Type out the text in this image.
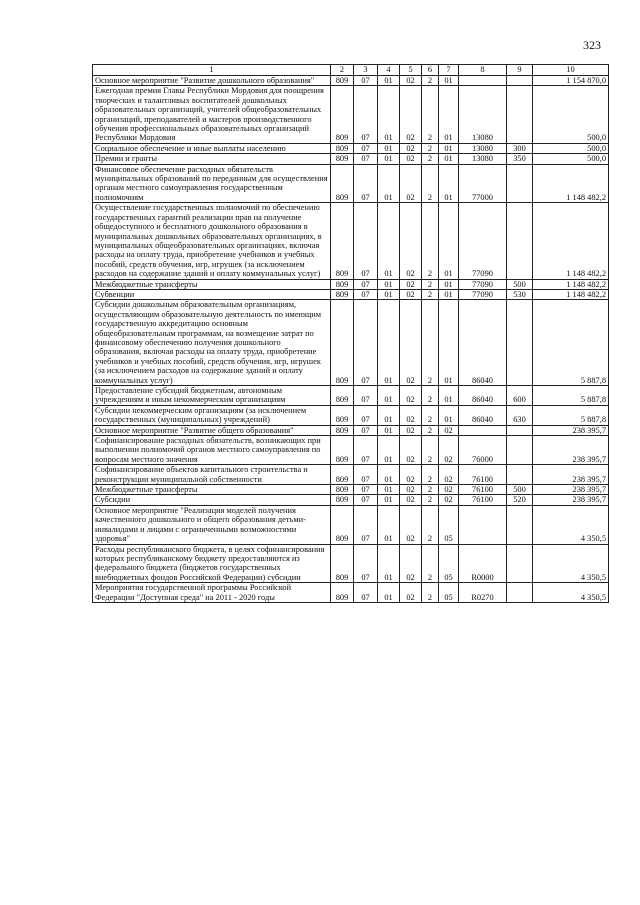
323
1	2	3	4	5	6	7	8	9	10
Основное мероприятие "Развитие дошкольного образования"	809	07	01	02	2	01			1 154 870,0
Ежегодная премия Главы Республики Мордовия для поощрения творческих и талантливых воспитателей дошкольных образовательных организаций, учителей общеобразовательных организаций, преподавателей и мастеров производственного обучения профессиональных образовательных организаций Республики Мордовия	809	07	01	02	2	01	13080		500,0
Социальное обеспечение и иные выплаты населению	809	07	01	02	2	01	13080	300	500,0
Премии и гранты	809	07	01	02	2	01	13080	350	500,0
Финансовое обеспечение расходных обязательств муниципальных образований по переданным для осуществления органам местного самоуправления государственным полномочиям	809	07	01	02	2	01	77000		1 148 482,2
Осуществление государственных полномочий по обеспечению государственных гарантий реализации прав на получение общедоступного и бесплатного дошкольного образования в муниципальных дошкольных образовательных организациях, в муниципальных общеобразовательных организациях, включая расходы на оплату труда, приобретение учебников и учебных пособий, средств обучения, игр, игрушек (за исключением расходов на содержание зданий и оплату коммунальных услуг)	809	07	01	02	2	01	77090		1 148 482,2
Межбюджетные трансферты	809	07	01	02	2	01	77090	500	1 148 482,2
Субвенции	809	07	01	02	2	01	77090	530	1 148 482,2
Субсидии дошкольным образовательным организациям, осуществляющим образовательную деятельность по имеющим государственную аккредитацию основным общеобразовательным программам, на возмещение затрат по финансовому обеспечению получения дошкольного образования, включая расходы на оплату труда, приобретение учебников и учебных пособий, средств обучения, игр, игрушек (за исключением расходов на содержание зданий и оплату коммунальных услуг)	809	07	01	02	2	01	86040		5 887,8
Предоставление субсидий бюджетным, автономным учреждениям и иным некоммерческим организациям	809	07	01	02	2	01	86040	600	5 887,8
Субсидии некоммерческим организациям (за исключением государственных (муниципальных) учреждений)	809	07	01	02	2	01	86040	630	5 887,8
Основное мероприятие "Развитие общего образования"	809	07	01	02	2	02			238 395,7
Софинансирование расходных обязательств, возникающих при выполнении полномочий органов местного самоуправления по вопросам местного значения	809	07	01	02	2	02	76000		238 395,7
Софинансирование объектов капитального строительства и реконструкции муниципальной собственности	809	07	01	02	2	02	76100		238 395,7
Межбюджетные трансферты	809	07	01	02	2	02	76100	500	238 395,7
Субсидии	809	07	01	02	2	02	76100	520	238 395,7
Основное мероприятие "Реализация моделей получения качественного дошкольного и общего образования детьми-инвалидами и лицами с ограниченными возможностями здоровья"	809	07	01	02	2	05			4 350,5
Расходы республиканского бюджета, в целях софинансирования которых республиканскому бюджету предоставляются из федерального бюджета (бюджетов государственных внебюджетных фондов Российской Федерации) субсидии	809	07	01	02	2	05	R0000		4 350,5
Мероприятия государственной программы Российской Федерации "Доступная среда" на 2011 - 2020 годы	809	07	01	02	2	05	R0270		4 350,5
